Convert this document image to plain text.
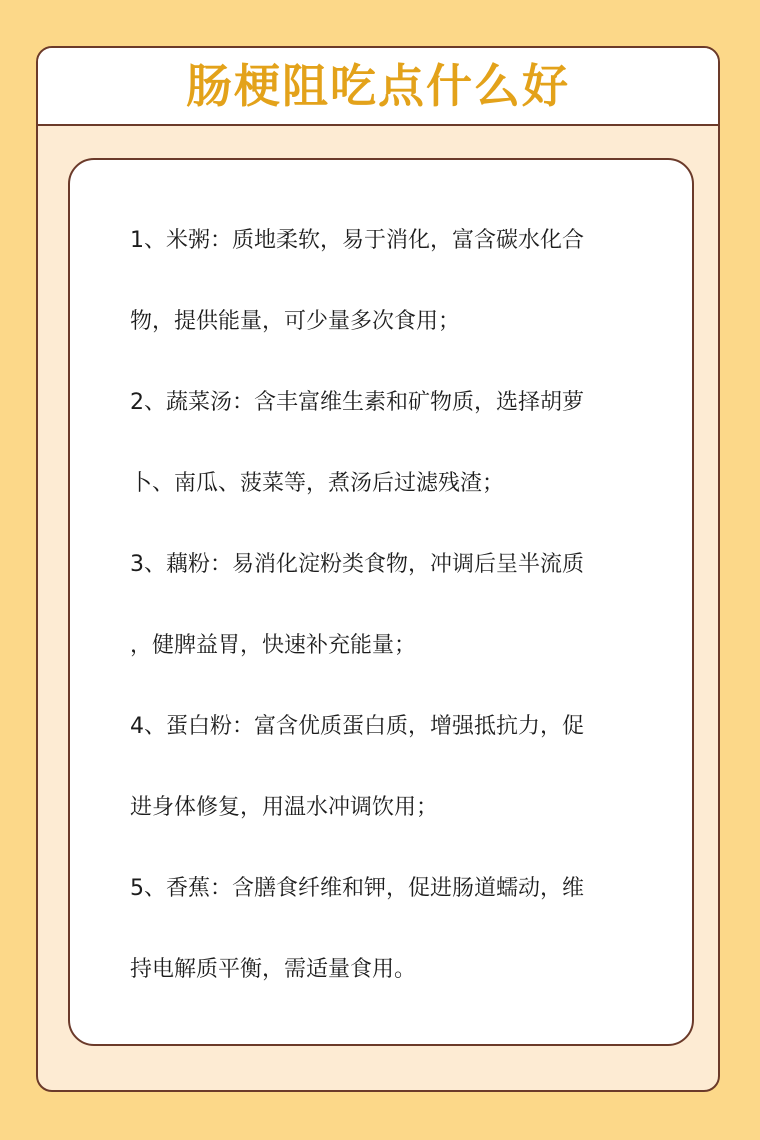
肠梗阻吃点什么好
1、米粥：质地柔软，易于消化，富含碳水化合
物，提供能量，可少量多次食用；
2、蔬菜汤：含丰富维生素和矿物质，选择胡萝
卜、南瓜、菠菜等，煮汤后过滤残渣；
3、藕粉：易消化淀粉类食物，冲调后呈半流质
，健脾益胃，快速补充能量；
4、蛋白粉：富含优质蛋白质，增强抵抗力，促
进身体修复，用温水冲调饮用；
5、香蕉：含膳食纤维和钾，促进肠道蠕动，维
持电解质平衡，需适量食用。
